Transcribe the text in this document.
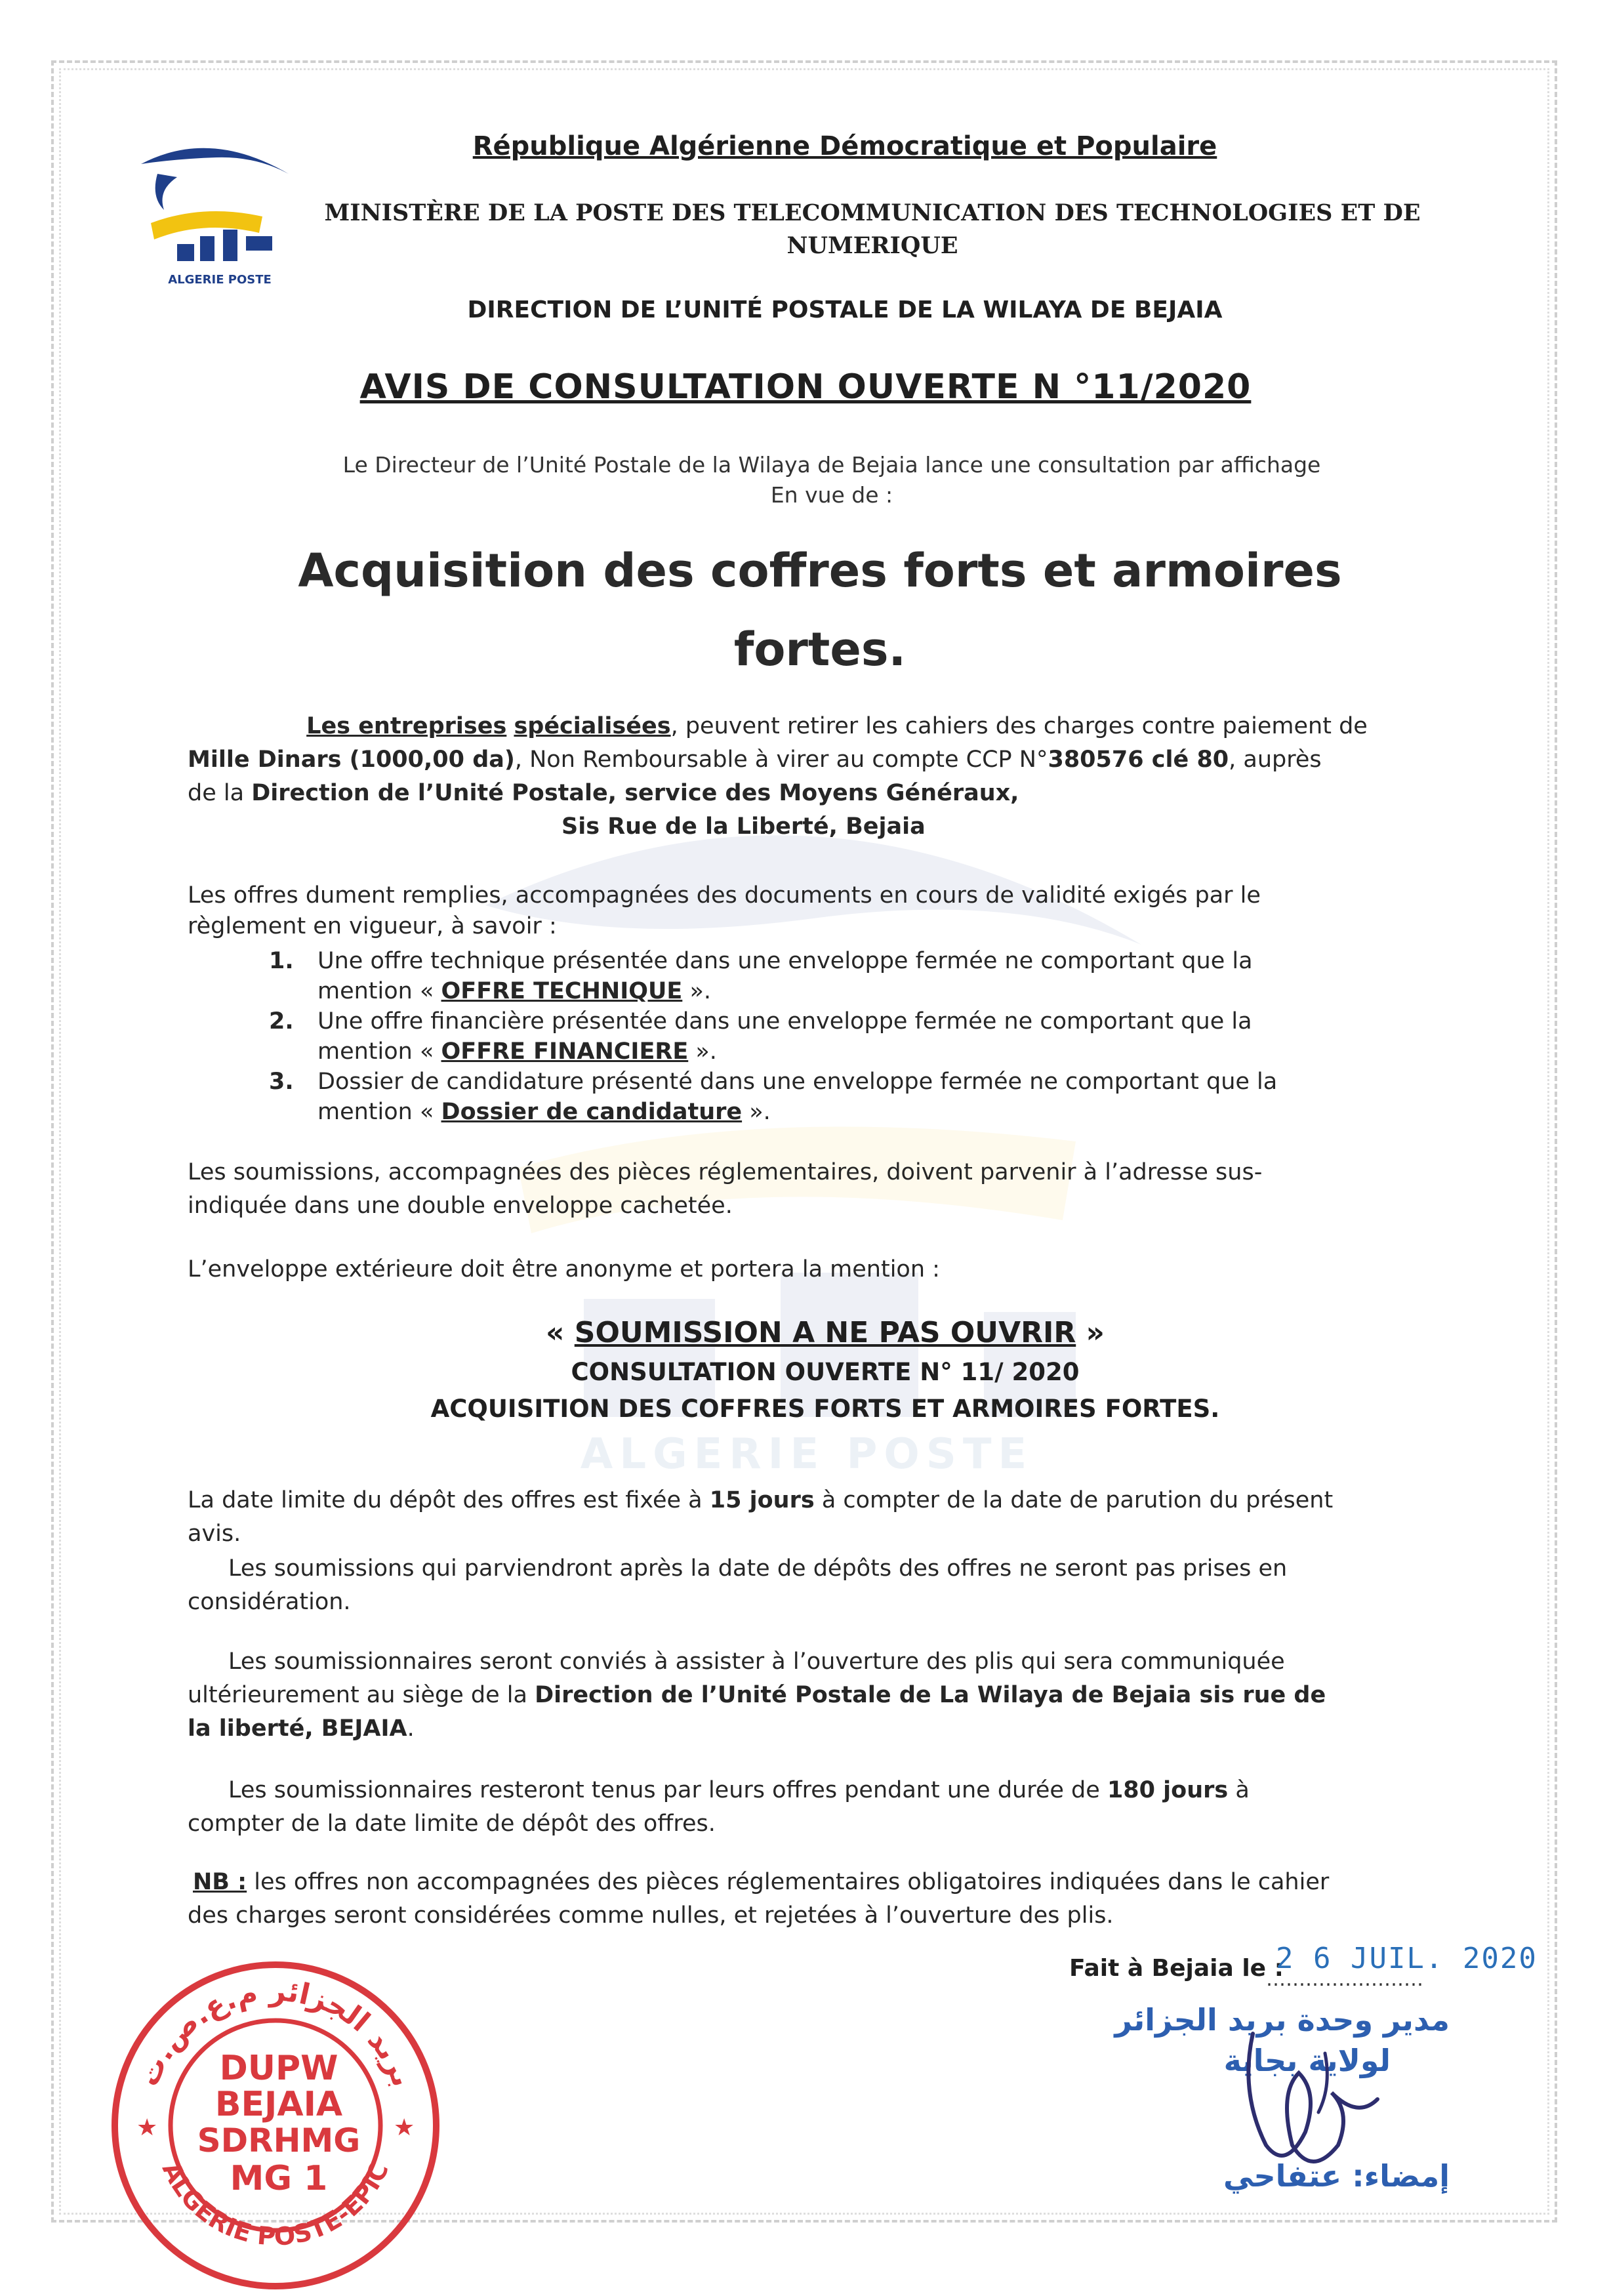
ALGERIE POSTE
ALGERIE POSTE
République Algérienne Démocratique et Populaire
MINISTÈRE DE LA POSTE DES TELECOMMUNICATION DES TECHNOLOGIES ET DE NUMERIQUE
DIRECTION DE L’UNITÉ POSTALE DE LA WILAYA DE BEJAIA
AVIS DE CONSULTATION OUVERTE N °11/2020
Le Directeur de l’Unité Postale de la Wilaya de Bejaia lance une consultation par affichage
En vue de :
Acquisition des coffres forts et armoires
fortes.
Les entreprises spécialisées, peuvent retirer les cahiers des charges contre paiement de
Mille Dinars (1000,00 da), Non Remboursable à virer au compte CCP N°380576 clé 80, auprès
de la Direction de l’Unité Postale, service des Moyens Généraux,
Sis Rue de la Liberté, Bejaia
Les offres dument remplies, accompagnées des documents en cours de validité exigés par le
règlement en vigueur, à savoir :
1. Une offre technique présentée dans une enveloppe fermée ne comportant que la
mention « OFFRE TECHNIQUE ».
2. Une offre financière présentée dans une enveloppe fermée ne comportant que la
mention « OFFRE FINANCIERE ».
3. Dossier de candidature présenté dans une enveloppe fermée ne comportant que la
mention « Dossier de candidature ».
Les soumissions, accompagnées des pièces réglementaires, doivent parvenir à l’adresse sus-
indiquée dans une double enveloppe cachetée.
L’enveloppe extérieure doit être anonyme et portera la mention :
« SOUMISSION A NE PAS OUVRIR »
CONSULTATION OUVERTE N° 11/ 2020
ACQUISITION DES COFFRES FORTS ET ARMOIRES FORTES.
La date limite du dépôt des offres est fixée à 15 jours à compter de la date de parution du présent
avis.
Les soumissions qui parviendront après la date de dépôts des offres ne seront pas prises en
considération.
Les soumissionnaires seront conviés à assister à l’ouverture des plis qui sera communiquée
ultérieurement au siège de la Direction de l’Unité Postale de La Wilaya de Bejaia sis rue de
la liberté, BEJAIA.
Les soumissionnaires resteront tenus par leurs offres pendant une durée de 180 jours à
compter de la date limite de dépôt des offres.
NB : les offres non accompagnées des pièces réglementaires obligatoires indiquées dans le cahier
des charges seront considérées comme nulles, et rejetées à l’ouverture des plis.
Fait à Bejaia le :
……………………
2 6 JUIL. 2020
مدير وحدة بريد الجزائر
لولاية بجاية
إمضاء: عتفاحي
بريد الجزائر م.ع.ص.ت
ALGERIE POSTE-EPIC
★	★
DUPW
BEJAIA
SDRHMG
MG 1
